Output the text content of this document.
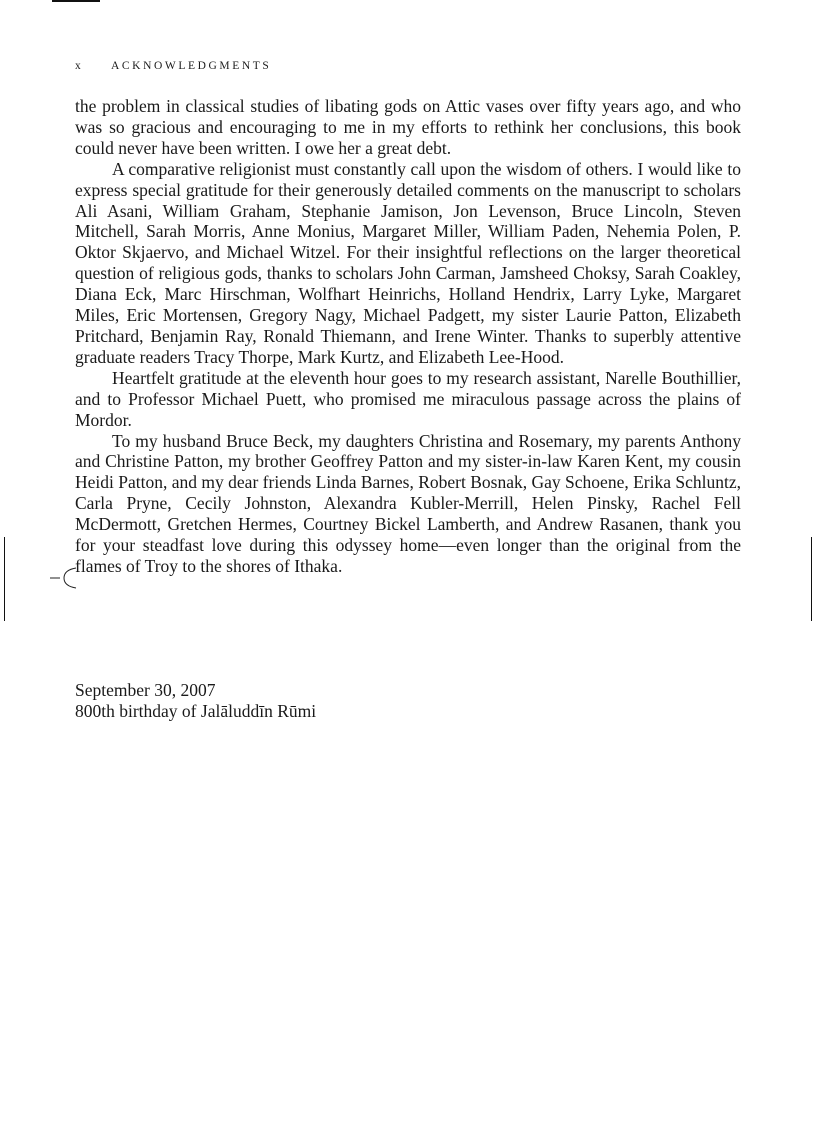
x ACKNOWLEDGMENTS

the problem in classical studies of libating gods on Attic vases over fifty years ago, and who was so gracious and encouraging to me in my efforts to rethink her conclusions, this book could never have been written. I owe her a great debt.

A comparative religionist must constantly call upon the wisdom of others. I would like to express special gratitude for their generously detailed comments on the manuscript to scholars Ali Asani, William Graham, Stephanie Jamison, Jon Levenson, Bruce Lincoln, Steven Mitchell, Sarah Morris, Anne Monius, Margaret Miller, William Paden, Nehemia Polen, P. Oktor Skjaervo, and Michael Witzel. For their insightful reflections on the larger theoretical question of religious gods, thanks to scholars John Carman, Jamsheed Choksy, Sarah Coakley, Diana Eck, Marc Hirschman, Wolfhart Heinrichs, Holland Hendrix, Larry Lyke, Margaret Miles, Eric Mortensen, Gregory Nagy, Michael Padgett, my sister Laurie Patton, Elizabeth Pritchard, Benjamin Ray, Ronald Thiemann, and Irene Winter. Thanks to superbly attentive graduate readers Tracy Thorpe, Mark Kurtz, and Elizabeth Lee-Hood.

Heartfelt gratitude at the eleventh hour goes to my research assistant, Narelle Bouthillier, and to Professor Michael Puett, who promised me miraculous passage across the plains of Mordor.

To my husband Bruce Beck, my daughters Christina and Rosemary, my parents Anthony and Christine Patton, my brother Geoffrey Patton and my sister-in-law Karen Kent, my cousin Heidi Patton, and my dear friends Linda Barnes, Robert Bosnak, Gay Schoene, Erika Schluntz, Carla Pryne, Cecily Johnston, Alexandra Kubler-Merrill, Helen Pinsky, Rachel Fell McDermott, Gretchen Hermes, Courtney Bickel Lamberth, and Andrew Rasanen, thank you for your steadfast love during this odyssey home—even longer than the original from the flames of Troy to the shores of Ithaka.

September 30, 2007
800th birthday of Jalāluddīn Rūmi
